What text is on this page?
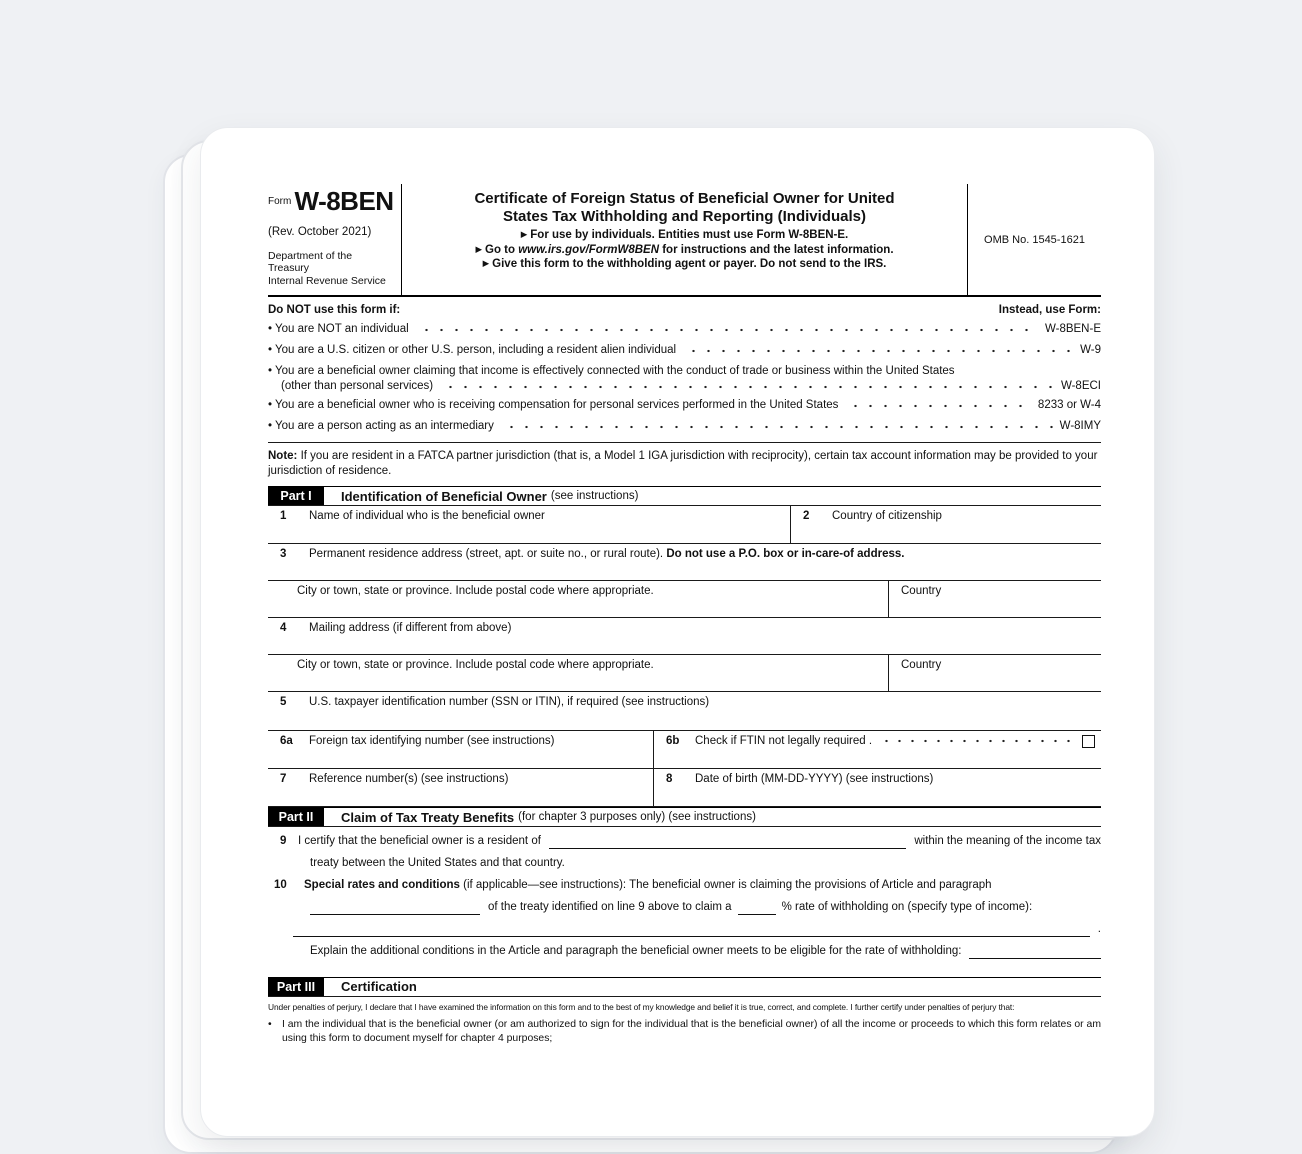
Form W-8BEN
(Rev. October 2021)
Department of the Treasury
Internal Revenue Service
Certificate of Foreign Status of Beneficial Owner for United
States Tax Withholding and Reporting (Individuals)
▶ For use by individuals. Entities must use Form W-8BEN-E.
▶ Go to www.irs.gov/FormW8BEN for instructions and the latest information.
▶ Give this form to the withholding agent or payer. Do not send to the IRS.
OMB No. 1545-1621
Do NOT use this form if:	Instead, use Form:
• You are NOT an individual	W-8BEN-E
• You are a U.S. citizen or other U.S. person, including a resident alien individual	W-9
• You are a beneficial owner claiming that income is effectively connected with the conduct of trade or business within the United States
(other than personal services)	W-8ECI
• You are a beneficial owner who is receiving compensation for personal services performed in the United States	8233 or W-4
• You are a person acting as an intermediary	W-8IMY
Note: If you are resident in a FATCA partner jurisdiction (that is, a Model 1 IGA jurisdiction with reciprocity), certain tax account information may be provided to your jurisdiction of residence.
Part I	Identification of Beneficial Owner (see instructions)
1	Name of individual who is the beneficial owner	2	Country of citizenship
3	Permanent residence address (street, apt. or suite no., or rural route). Do not use a P.O. box or in-care-of address.
City or town, state or province. Include postal code where appropriate.	Country
4	Mailing address (if different from above)
City or town, state or province. Include postal code where appropriate.	Country
5	U.S. taxpayer identification number (SSN or ITIN), if required (see instructions)
6a	Foreign tax identifying number (see instructions)	6b	Check if FTIN not legally required .
7	Reference number(s) (see instructions)	8	Date of birth (MM-DD-YYYY) (see instructions)
Part II	Claim of Tax Treaty Benefits (for chapter 3 purposes only) (see instructions)
9	I certify that the beneficial owner is a resident of	within the meaning of the income tax
treaty between the United States and that country.
10	Special rates and conditions (if applicable—see instructions): The beneficial owner is claiming the provisions of Article and paragraph
of the treaty identified on line 9 above to claim a	% rate of withholding on (specify type of income):
.
Explain the additional conditions in the Article and paragraph the beneficial owner meets to be eligible for the rate of withholding:
Part III	Certification
Under penalties of perjury, I declare that I have examined the information on this form and to the best of my knowledge and belief it is true, correct, and complete. I further certify under penalties of perjury that:
• I am the individual that is the beneficial owner (or am authorized to sign for the individual that is the beneficial owner) of all the income or proceeds to which this form relates or am using this form to document myself for chapter 4 purposes;
